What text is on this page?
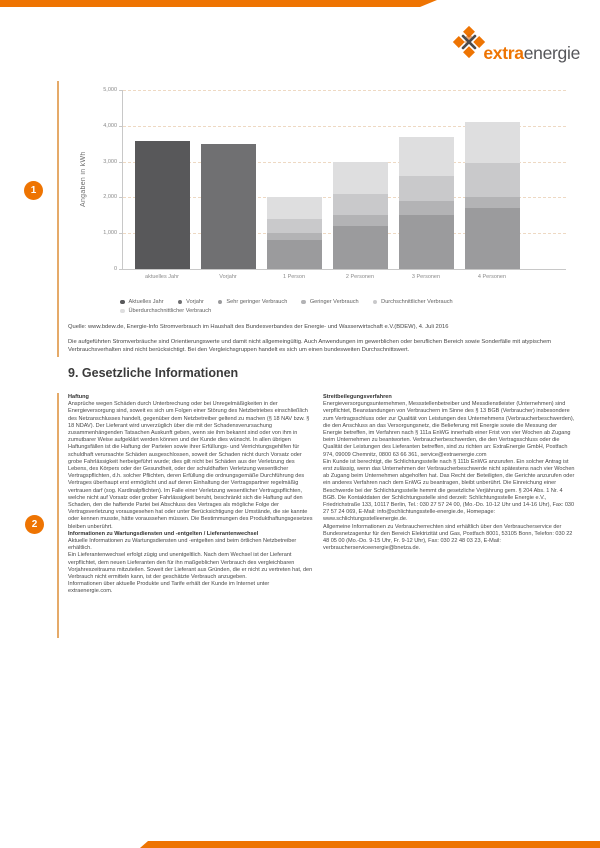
extraenergie
1
2
Angaben in kWh
5,000
4,000
3,000
2,000
1,000
0
aktuelles Jahr	Vorjahr	1 Person	2 Personen	3 Personen	4 Personen
Aktuelles Jahr	Vorjahr	Sehr geringer Verbrauch	Geringer Verbrauch	Durchschnittlicher Verbrauch
Überdurchschnittlicher Verbrauch
Quelle: www.bdew.de, Energie-Info Stromverbrauch im Haushalt des Bundesverbandes der Energie- und Wasserwirtschaft e.V.(BDEW), 4. Juli 2016
Die aufgeführten Stromverbräuche sind Orientierungswerte und damit nicht allgemeingültig. Auch Anwendungen im gewerblichen oder beruflichen Bereich sowie Sonderfälle mit atypischem Verbrauchsverhalten sind nicht berücksichtigt. Bei den Vergleichsgruppen handelt es sich um einen bundesweiten Durchschnittswert.
9. Gesetzliche Informationen
Haftung

Ansprüche wegen Schäden durch Unterbrechung oder bei Unregelmäßigkeiten in der Energieversorgung sind, soweit es sich um Folgen einer Störung des Netzbetriebes einschließlich des Netzanschlusses handelt, gegenüber dem Netzbetreiber geltend zu machen (§ 18 NAV bzw. § 18 NDAV). Der Lieferant wird unverzüglich über die mit der Schadensverursachung zusammenhängenden Tatsachen Auskunft geben, wenn sie ihm bekannt sind oder von ihm in zumutbarer Weise aufgeklärt werden können und der Kunde dies wünscht. In allen übrigen Haftungsfällen ist die Haftung der Parteien sowie ihrer Erfüllungs- und Verrichtungsgehilfen für schuldhaft verursachte Schäden ausgeschlossen, soweit der Schaden nicht durch Vorsatz oder grobe Fahrlässigkeit herbeigeführt wurde; dies gilt nicht bei Schäden aus der Verletzung des Lebens, des Körpers oder der Gesundheit, oder der schuldhaften Verletzung wesentlicher Vertragspflichten, d.h. solcher Pflichten, deren Erfüllung die ordnungsgemäße Durchführung des Vertrages überhaupt erst ermöglicht und auf deren Einhaltung der Vertragspartner regelmäßig vertrauen darf (sog. Kardinalpflichten). Im Falle einer Verletzung wesentlicher Vertragspflichten, welche nicht auf Vorsatz oder grober Fahrlässigkeit beruht, beschränkt sich die Haftung auf den Schaden, den die haftende Partei bei Abschluss des Vertrages als mögliche Folge der Vertragsverletzung vorausgesehen hat oder unter Berücksichtigung der Umstände, die sie kannte oder kennen musste, hätte voraussehen müssen. Die Bestimmungen des Produkthaftungsgesetzes bleiben unberührt.

Informationen zu Wartungsdiensten und -entgelten / Lieferantenwechsel

Aktuelle Informationen zu Wartungsdiensten und -entgelten sind beim örtlichen Netzbetreiber erhältlich.

Ein Lieferantenwechsel erfolgt zügig und unentgeltlich. Nach dem Wechsel ist der Lieferant verpflichtet, dem neuen Lieferanten den für ihn maßgeblichen Verbrauch des vergleichbaren Vorjahreszeitraums mitzuteilen. Soweit der Lieferant aus Gründen, die er nicht zu vertreten hat, den Verbrauch nicht ermitteln kann, ist der geschätzte Verbrauch anzugeben.

Informationen über aktuelle Produkte und Tarife erhält der Kunde im Internet unter extraenergie.com.

Streitbeilegungsverfahren

Energieversorgungsunternehmen, Messstellenbetreiber und Messdienstleister (Unternehmen) sind verpflichtet, Beanstandungen von Verbrauchern im Sinne des § 13 BGB (Verbraucher) insbesondere zum Vertragsschluss oder zur Qualität von Leistungen des Unternehmens (Verbraucherbeschwerden), die den Anschluss an das Versorgungsnetz, die Belieferung mit Energie sowie die Messung der Energie betreffen, im Verfahren nach § 111a EnWG innerhalb einer Frist von vier Wochen ab Zugang beim Unternehmen zu beantworten. Verbraucherbeschwerden, die den Vertragsschluss oder die Qualität der Leistungen des Lieferanten betreffen, sind zu richten an: ExtraEnergie GmbH, Postfach 974, 09009 Chemnitz, 0800 63 66 361, service@extraenergie.com

Ein Kunde ist berechtigt, die Schlichtungsstelle nach § 111b EnWG anzurufen. Ein solcher Antrag ist erst zulässig, wenn das Unternehmen der Verbraucherbeschwerde nicht spätestens nach vier Wochen ab Zugang beim Unternehmen abgeholfen hat. Das Recht der Beteiligten, die Gerichte anzurufen oder ein anderes Verfahren nach dem EnWG zu beantragen, bleibt unberührt. Die Einreichung einer Beschwerde bei der Schlichtungsstelle hemmt die gesetzliche Verjährung gem. § 204 Abs. 1 Nr. 4 BGB. Die Kontaktdaten der Schlichtungsstelle sind derzeit: Schlichtungsstelle Energie e.V., Friedrichstraße 133, 10117 Berlin, Tel.: 030 27 57 24 00, (Mo.-Do. 10-12 Uhr und 14-16 Uhr), Fax: 030 27 57 24 069, E-Mail: info@schlichtungsstelle-energie.de, Homepage: www.schlichtungsstelleenergie.de.

Allgemeine Informationen zu Verbraucherrechten sind erhältlich über den Verbraucherservice der Bundesnetzagentur für den Bereich Elektrizität und Gas, Postfach 8001, 53105 Bonn, Telefon: 030 22 48 05 00 (Mo.-Do. 9-15 Uhr, Fr. 9-12 Uhr), Fax: 030 22 48 03 23, E-Mail: verbraucherserviceenergie@bnetza.de.
